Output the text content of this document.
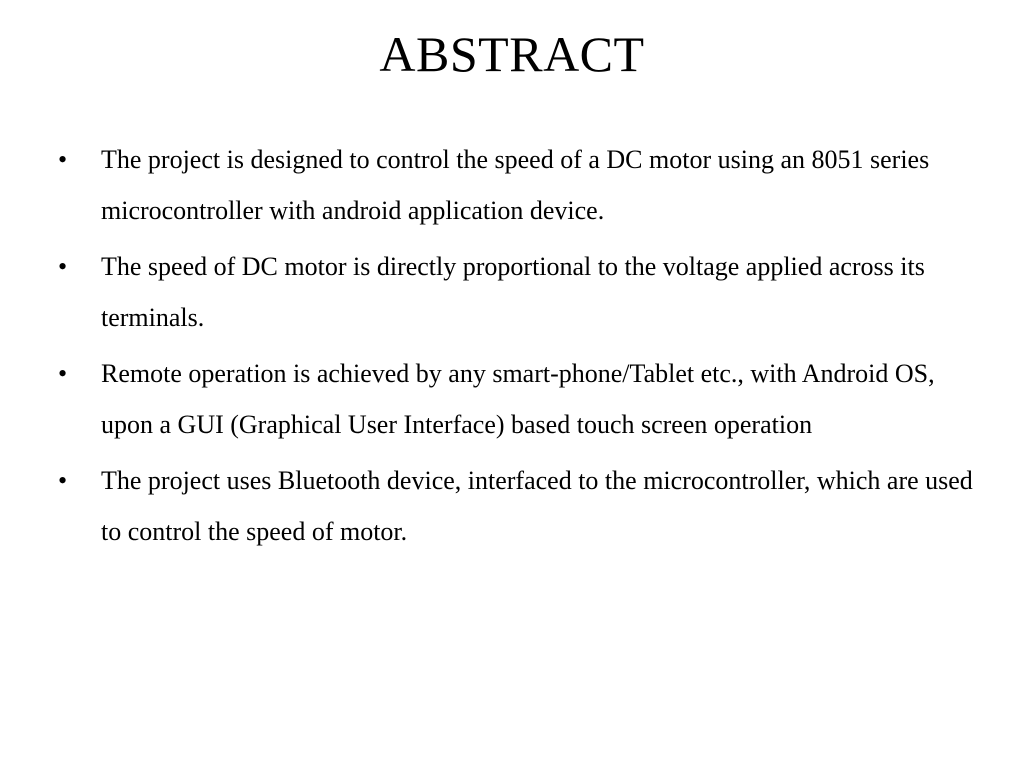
ABSTRACT
• The project is designed to control the speed of a DC motor using an 8051 series microcontroller with android application device.
• The speed of DC motor is directly proportional to the voltage applied across its terminals.
• Remote operation is achieved by any smart-phone/Tablet etc., with Android OS, upon a GUI (Graphical User Interface) based touch screen operation
• The project uses Bluetooth device, interfaced to the microcontroller, which are used to control the speed of motor.
